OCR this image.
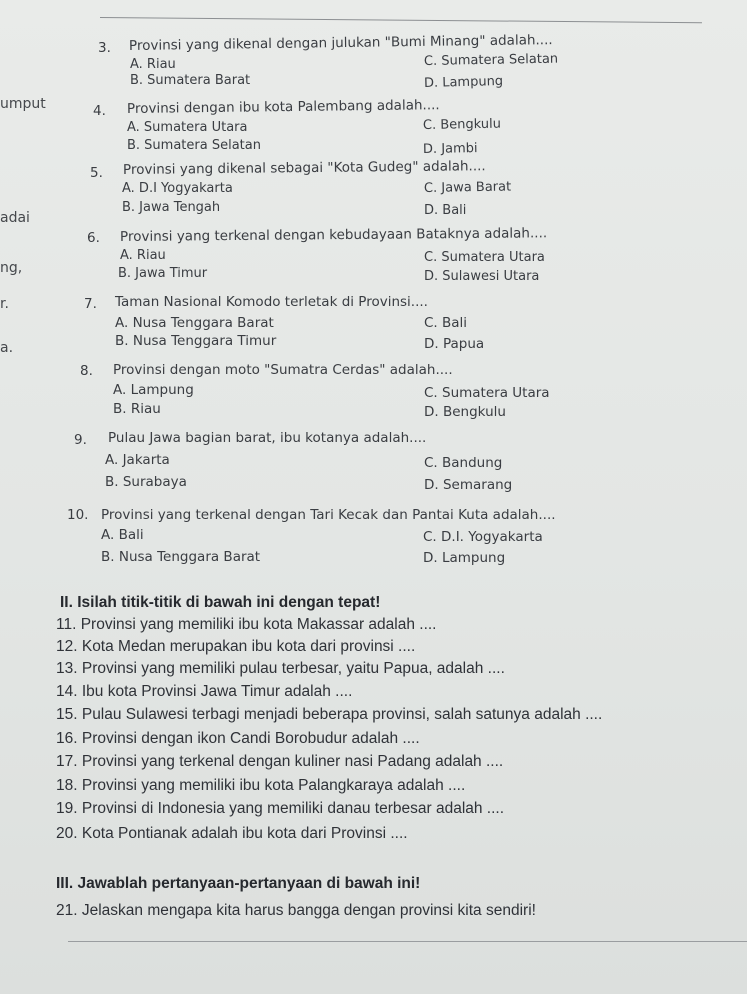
umput
adai
ng,
r.
a.
3. Provinsi yang dikenal dengan julukan "Bumi Minang" adalah....
A. Riau
B. Sumatera Barat
C. Sumatera Selatan
D. Lampung
4. Provinsi dengan ibu kota Palembang adalah....
A. Sumatera Utara
B. Sumatera Selatan
C. Bengkulu
D. Jambi
5. Provinsi yang dikenal sebagai "Kota Gudeg" adalah....
A. D.I Yogyakarta
B. Jawa Tengah
C. Jawa Barat
D. Bali
6. Provinsi yang terkenal dengan kebudayaan Bataknya adalah....
A. Riau
B. Jawa Timur
C. Sumatera Utara
D. Sulawesi Utara
7. Taman Nasional Komodo terletak di Provinsi....
A. Nusa Tenggara Barat
B. Nusa Tenggara Timur
C. Bali
D. Papua
8. Provinsi dengan moto "Sumatra Cerdas" adalah....
A. Lampung
B. Riau
C. Sumatera Utara
D. Bengkulu
9. Pulau Jawa bagian barat, ibu kotanya adalah....
A. Jakarta
B. Surabaya
C. Bandung
D. Semarang
10. Provinsi yang terkenal dengan Tari Kecak dan Pantai Kuta adalah....
A. Bali
B. Nusa Tenggara Barat
C. D.I. Yogyakarta
D. Lampung
II. Isilah titik-titik di bawah ini dengan tepat!
11. Provinsi yang memiliki ibu kota Makassar adalah ....
12. Kota Medan merupakan ibu kota dari provinsi ....
13. Provinsi yang memiliki pulau terbesar, yaitu Papua, adalah ....
14. Ibu kota Provinsi Jawa Timur adalah ....
15. Pulau Sulawesi terbagi menjadi beberapa provinsi, salah satunya adalah ....
16. Provinsi dengan ikon Candi Borobudur adalah ....
17. Provinsi yang terkenal dengan kuliner nasi Padang adalah ....
18. Provinsi yang memiliki ibu kota Palangkaraya adalah ....
19. Provinsi di Indonesia yang memiliki danau terbesar adalah ....
20. Kota Pontianak adalah ibu kota dari Provinsi ....
III. Jawablah pertanyaan-pertanyaan di bawah ini!
21. Jelaskan mengapa kita harus bangga dengan provinsi kita sendiri!
